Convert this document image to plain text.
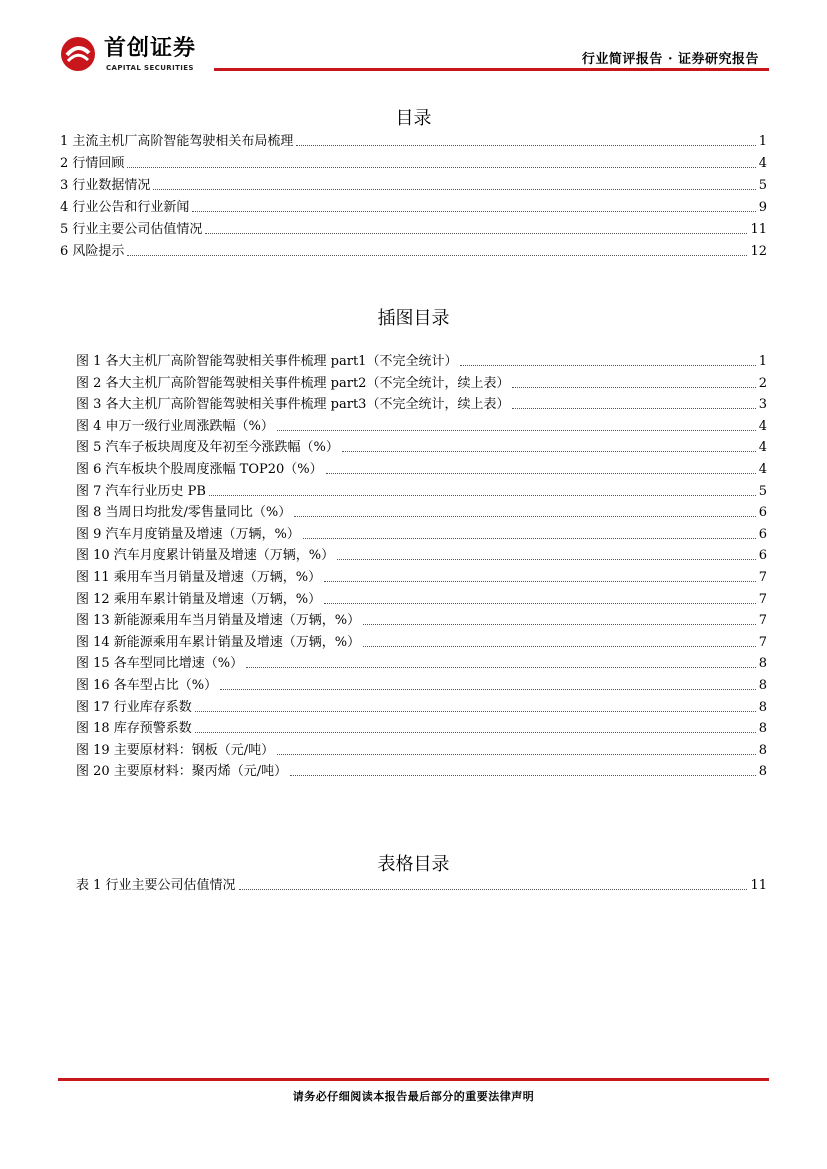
首创证券
CAPITAL SECURITIES
行业简评报告 · 证券研究报告
目录
1 主流主机厂高阶智能驾驶相关布局梳理	1
2 行情回顾	4
3 行业数据情况	5
4 行业公告和行业新闻	9
5 行业主要公司估值情况	11
6 风险提示	12
插图目录
图 1 各大主机厂高阶智能驾驶相关事件梳理 part1（不完全统计）	1
图 2 各大主机厂高阶智能驾驶相关事件梳理 part2（不完全统计，续上表）	2
图 3 各大主机厂高阶智能驾驶相关事件梳理 part3（不完全统计，续上表）	3
图 4 申万一级行业周涨跌幅（%）	4
图 5 汽车子板块周度及年初至今涨跌幅（%）	4
图 6 汽车板块个股周度涨幅 TOP20（%）	4
图 7 汽车行业历史 PB	5
图 8 当周日均批发/零售量同比（%）	6
图 9 汽车月度销量及增速（万辆，%）	6
图 10 汽车月度累计销量及增速（万辆，%）	6
图 11 乘用车当月销量及增速（万辆，%）	7
图 12 乘用车累计销量及增速（万辆，%）	7
图 13 新能源乘用车当月销量及增速（万辆，%）	7
图 14 新能源乘用车累计销量及增速（万辆，%）	7
图 15 各车型同比增速（%）	8
图 16 各车型占比（%）	8
图 17 行业库存系数	8
图 18 库存预警系数	8
图 19 主要原材料：钢板（元/吨）	8
图 20 主要原材料：聚丙烯（元/吨）	8
表格目录
表 1 行业主要公司估值情况	11
请务必仔细阅读本报告最后部分的重要法律声明
